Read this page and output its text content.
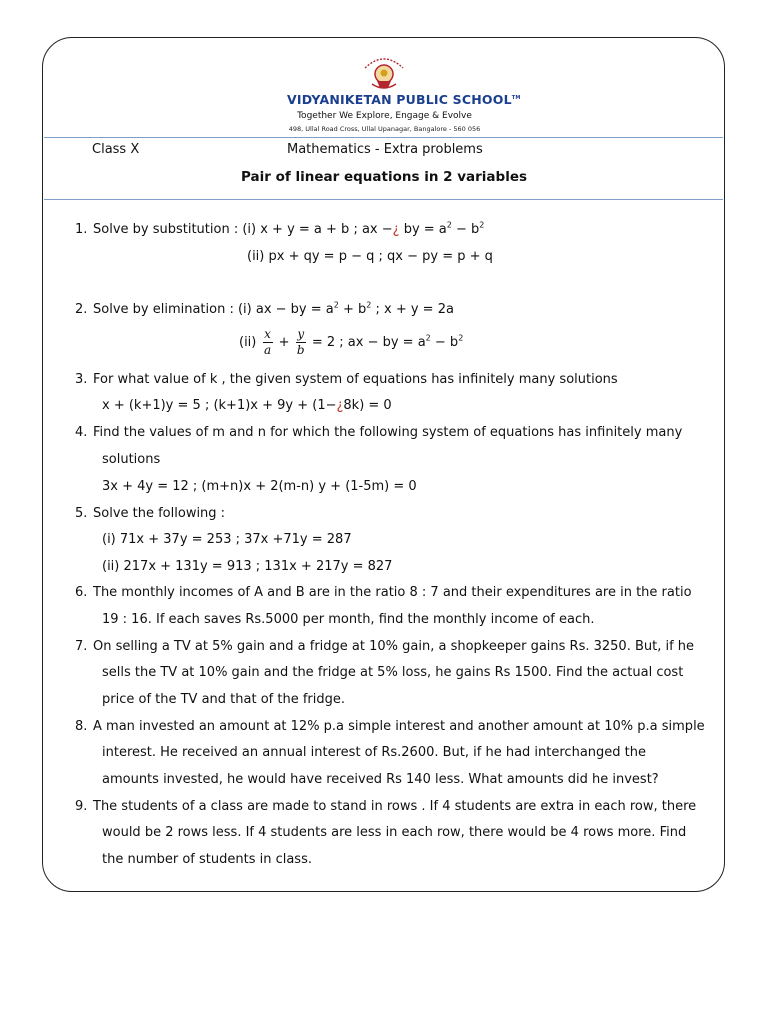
VIDYANIKETAN PUBLIC SCHOOL™
Together We Explore, Engage & Evolve
498, Ullal Road Cross, Ullal Upanagar, Bangalore - 560 056
Class X	Mathematics - Extra problems
Pair of linear equations in 2 variables
1. Solve by substitution : (i) x + y = a + b ; ax −¿ by = $a^2 - b^2$
(ii) px + qy = p − q ; qx − py = p + q
2. Solve by elimination : (i) ax − by = $a^2 + b^2$ ; x + y = 2a
$(ii) \frac{x}{a} + \frac{y}{b} = 2$ ; ax − by = $a^2 - b^2$
3. For what value of k , the given system of equations has infinitely many solutions
x + (k+1)y = 5 ; (k+1)x + 9y + (1−¿8k) = 0
4. Find the values of m and n for which the following system of equations has infinitely many
solutions
3x + 4y = 12 ; (m+n)x + 2(m-n) y + (1-5m) = 0
5. Solve the following :
(i) 71x + 37y = 253 ; 37x +71y = 287
(ii) 217x + 131y = 913 ; 131x + 217y = 827
6. The monthly incomes of A and B are in the ratio 8 : 7 and their expenditures are in the ratio
19 : 16. If each saves Rs.5000 per month, find the monthly income of each.
7. On selling a TV at 5% gain and a fridge at 10% gain, a shopkeeper gains Rs. 3250. But, if he
sells the TV at 10% gain and the fridge at 5% loss, he gains Rs 1500. Find the actual cost
price of the TV and that of the fridge.
8. A man invested an amount at 12% p.a simple interest and another amount at 10% p.a simple
interest. He received an annual interest of Rs.2600. But, if he had interchanged the
amounts invested, he would have received Rs 140 less. What amounts did he invest?
9. The students of a class are made to stand in rows . If 4 students are extra in each row, there
would be 2 rows less. If 4 students are less in each row, there would be 4 rows more. Find
the number of students in class.
